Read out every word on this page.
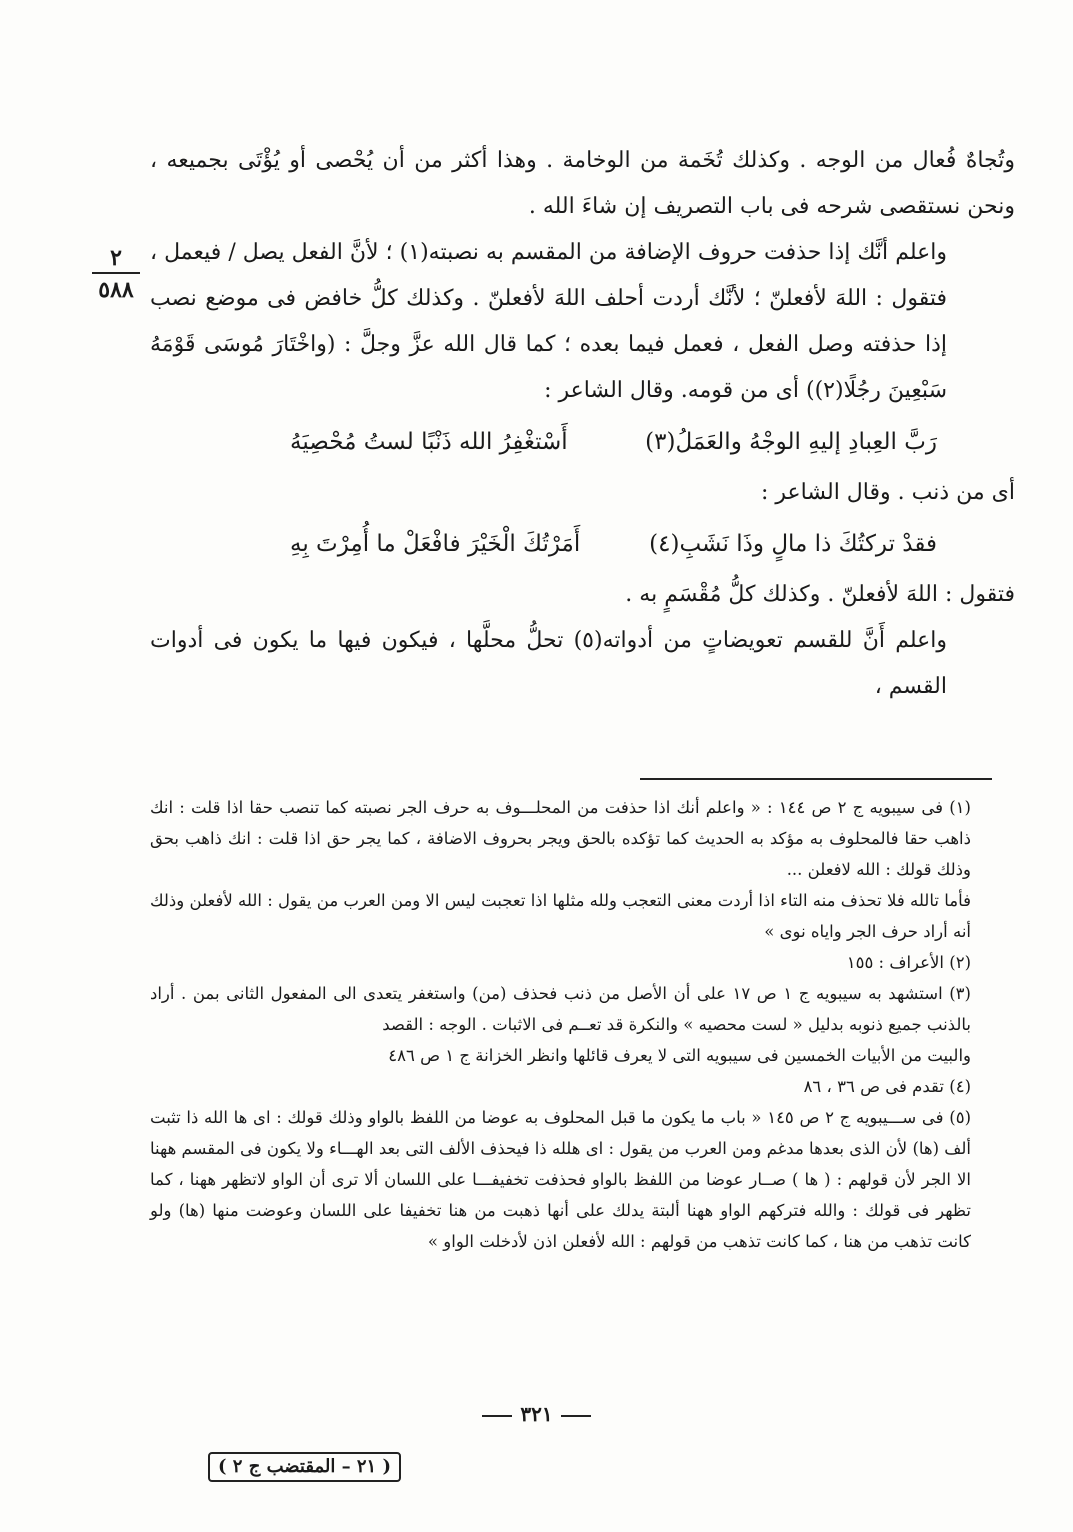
٢
٥٨٨

وتُجاهٌ فُعال من الوجه . وكذلك تُخَمة من الوخامة . وهذا أكثر من أن يُحْصى أو يُؤْتَى بجميعه ، ونحن نستقصى شرحه فى باب التصريف إن شاءَ الله .

واعلم أنَّك إذا حذفت حروف الإضافة من المقسم به نصبته(١) ؛ لأنَّ الفعل يصل / فيعمل ، فتقول : اللهَ لأفعلنّ ؛ لأنَّك أردت أحلف اللهَ لأفعلنّ . وكذلك كلُّ خافض فى موضع نصب إذا حذفته وصل الفعل ، فعمل فيما بعده ؛ كما قال الله عزَّ وجلَّ : (واخْتَارَ مُوسَى قَوْمَهُ سَبْعِينَ رجُلًا(٢)) أى من قومه. وقال الشاعر :

أَسْتغْفِرُ الله ذَنْبًا لستُ مُحْصِيَهُ	رَبَّ العِبادِ إليهِ الوجْهُ والعَمَلُ(٣)

أى من ذنب . وقال الشاعر :

أَمَرْتُكَ الْخَيْرَ فافْعَلْ ما أُمِرْتَ بِهِ	فقدْ تركتُكَ ذا مالٍ وذَا نَشَبِ(٤)

فتقول : اللهَ لأفعلنّ . وكذلك كلُّ مُقْسَمٍ به .

واعلم أَنَّ للقسم تعويضاتٍ من أدواته(٥) تحلُّ محلَّها ، فيكون فيها ما يكون فى أدوات القسم ،

(١) فى سيبويه ج ٢ ص ١٤٤ : « واعلم أنك اذا حذفت من المحلـــوف به حرف الجر نصبته كما تنصب حقا اذا قلت : انك ذاهب حقا فالمحلوف به مؤكد به الحديث كما تؤكده بالحق ويجر بحروف الاضافة ، كما يجر حق اذا قلت : انك ذاهب بحق وذلك قولك : الله لافعلن ...

فأما تالله فلا تحذف منه التاء اذا أردت معنى التعجب ولله مثلها اذا تعجبت ليس الا ومن العرب من يقول : الله لأفعلن وذلك أنه أراد حرف الجر واياه نوى »

(٢) الأعراف : ١٥٥

(٣) استشهد به سيبويه ج ١ ص ١٧ على أن الأصل من ذنب فحذف (من) واستغفر يتعدى الى المفعول الثانى بمن . أراد بالذنب جميع ذنوبه بدليل « لست محصيه » والنكرة قد تعــم فى الاثبات . الوجه : القصد

والبيت من الأبيات الخمسين فى سيبويه التى لا يعرف قائلها وانظر الخزانة ج ١ ص ٤٨٦

(٤) تقدم فى ص ٣٦ ، ٨٦

(٥) فى ســـيبويه ج ٢ ص ١٤٥ « باب ما يكون ما قبل المحلوف به عوضا من اللفظ بالواو وذلك قولك : اى ها الله ذا تثبت ألف (ها) لأن الذى بعدها مدغم ومن العرب من يقول : اى هلله ذا فيحذف الألف التى بعد الهـــاء ولا يكون فى المقسم ههنا الا الجر لأن قولهم : ( ها ) صــار عوضا من اللفظ بالواو فحذفت تخفيفـــا على اللسان ألا ترى أن الواو لاتظهر ههنا ، كما تظهر فى قولك : والله فتركهم الواو ههنا ألبتة يدلك على أنها ذهبت من هنا تخفيفا على اللسان وعوضت منها (ها) ولو كانت تذهب من هنا ، كما كانت تذهب من قولهم : الله لأفعلن اذن لأدخلت الواو »

٣٢١
( ٢١ – المقتضب ج ٢ )
